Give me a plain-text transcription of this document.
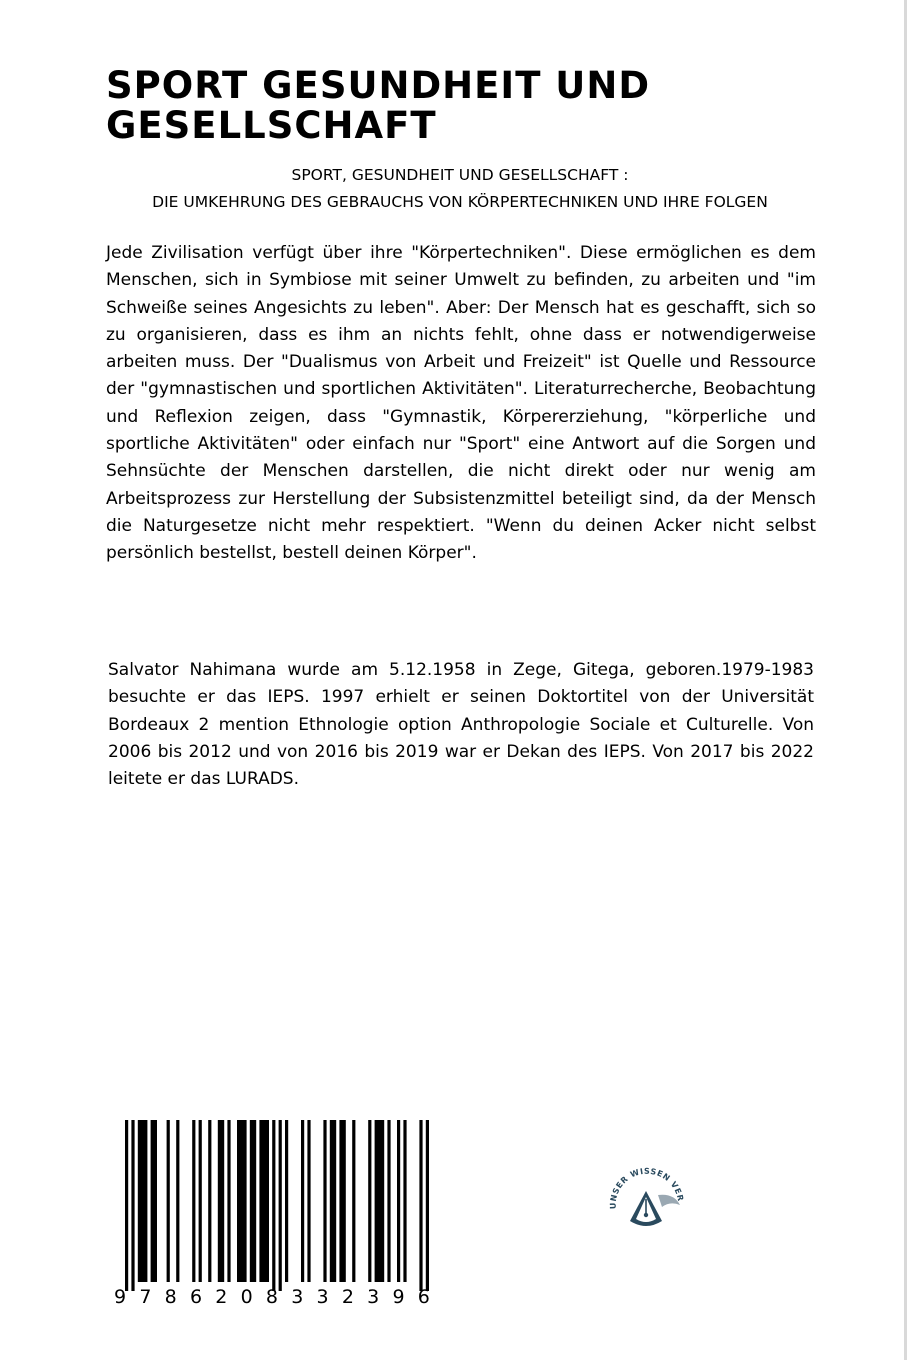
SPORT GESUNDHEIT UND GESELLSCHAFT
SPORT, GESUNDHEIT UND GESELLSCHAFT :
DIE UMKEHRUNG DES GEBRAUCHS VON KÖRPERTECHNIKEN UND IHRE FOLGEN

Jede Zivilisation verfügt über ihre "Körpertechniken". Diese ermöglichen es dem Menschen, sich in Symbiose mit seiner Umwelt zu befinden, zu arbeiten und "im Schweiße seines Angesichts zu leben". Aber: Der Mensch hat es geschafft, sich so zu organisieren, dass es ihm an nichts fehlt, ohne dass er notwendigerweise arbeiten muss. Der "Dualismus von Arbeit und Freizeit" ist Quelle und Ressource der "gymnastischen und sportlichen Aktivitäten". Literaturrecherche, Beobachtung und Reflexion zeigen, dass "Gymnastik, Körpererziehung, "körperliche und sportliche Aktivitäten" oder einfach nur "Sport" eine Antwort auf die Sorgen und Sehnsüchte der Menschen darstellen, die nicht direkt oder nur wenig am Arbeitsprozess zur Herstellung der Subsistenzmittel beteiligt sind, da der Mensch die Naturgesetze nicht mehr respektiert. "Wenn du deinen Acker nicht selbst persönlich bestellst, bestell deinen Körper".

Salvator Nahimana wurde am 5.12.1958 in Zege, Gitega, geboren.1979-1983 besuchte er das IEPS. 1997 erhielt er seinen Doktortitel von der Universität Bordeaux 2 mention Ethnologie option Anthropologie Sociale et Culturelle. Von 2006 bis 2012 und von 2016 bis 2019 war er Dekan des IEPS. Von 2017 bis 2022 leitete er das LURADS.

9 7 8 6 2 0 8 3 3 2 3 9 6
UNSER WISSEN VER
